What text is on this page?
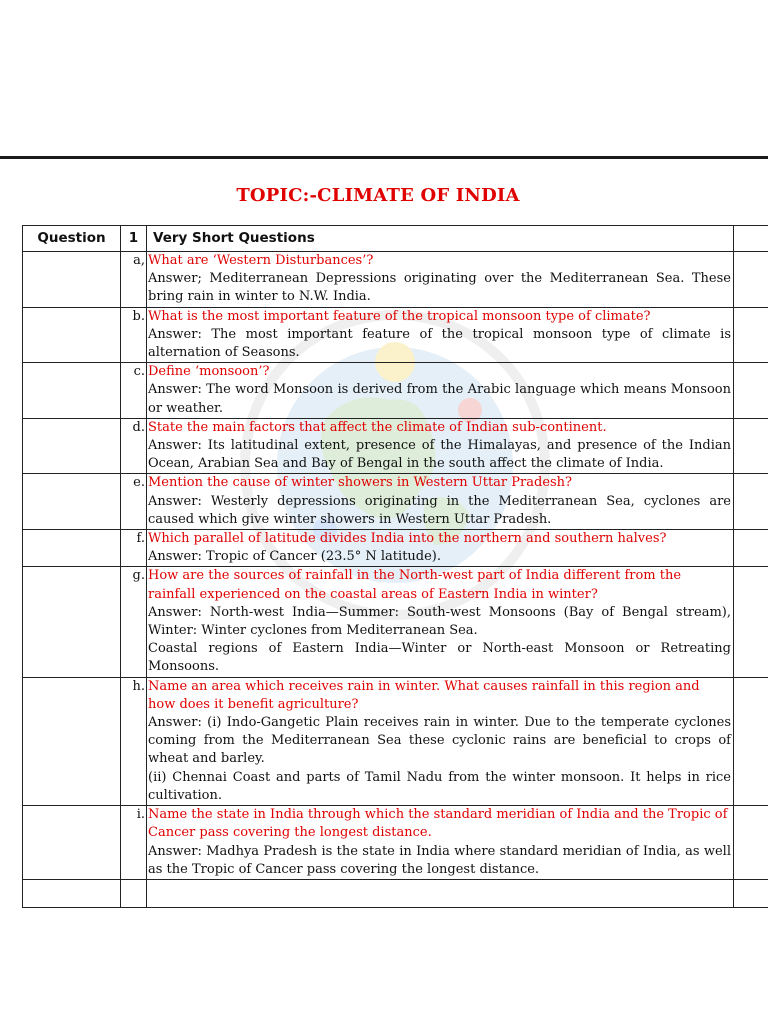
TOPIC:-CLIMATE OF INDIA
Question	1	Very Short Questions	
	a,	What are ‘Western Disturbances’?
Answer; Mediterranean Depressions originating over the Mediterranean Sea. These bring rain in winter to N.W. India.	

	b.	What is the most important feature of the tropical monsoon type of climate?
Answer: The most important feature of the tropical monsoon type of climate is alternation of Seasons.	

	c.	Define ‘monsoon’?
Answer: The word Monsoon is derived from the Arabic language which means Monsoon or weather.	

	d.	State the main factors that affect the climate of Indian sub-continent.
Answer: Its latitudinal extent, presence of the Himalayas, and presence of the Indian Ocean, Arabian Sea and Bay of Bengal in the south affect the climate of India.	

	e.	Mention the cause of winter showers in Western Uttar Pradesh?
Answer: Westerly depressions originating in the Mediterranean Sea, cyclones are caused which give winter showers in Western Uttar Pradesh.	

	f.	Which parallel of latitude divides India into the northern and southern halves?
Answer: Tropic of Cancer (23.5° N latitude).	

	g.	How are the sources of rainfall in the North-west part of India different from the rainfall experienced on the coastal areas of Eastern India in winter?
Answer: North-west India—Summer: South-west Monsoons (Bay of Bengal stream), Winter: Winter cyclones from Mediterranean Sea.
Coastal regions of Eastern India—Winter or North-east Monsoon or Retreating Monsoons.	

	h.	Name an area which receives rain in winter. What causes rainfall in this region and how does it benefit agriculture?
Answer: (i) Indo-Gangetic Plain receives rain in winter. Due to the temperate cyclones coming from the Mediterranean Sea these cyclonic rains are beneficial to crops of wheat and barley.
(ii) Chennai Coast and parts of Tamil Nadu from the winter monsoon. It helps in rice cultivation.	

	i.	Name the state in India through which the standard meridian of India and the Tropic of Cancer pass covering the longest distance.
Answer: Madhya Pradesh is the state in India where standard meridian of India, as well as the Tropic of Cancer pass covering the longest distance.	
